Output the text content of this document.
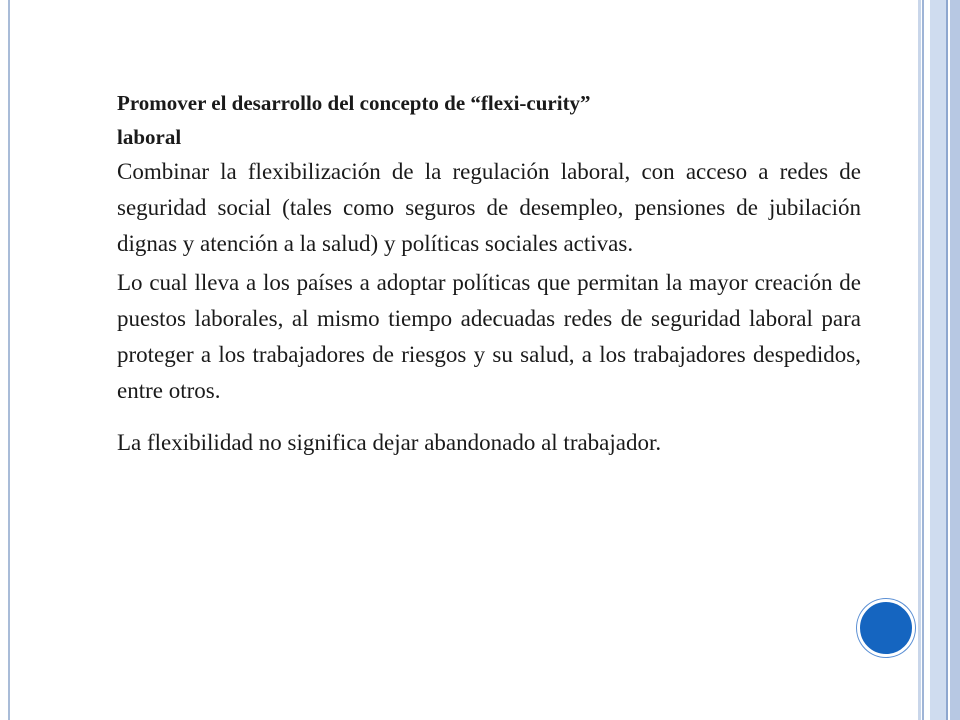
Promover el desarrollo del concepto de “flexi-curity”
laboral

Combinar la flexibilización de la regulación laboral, con acceso a redes de seguridad social (tales como seguros de desempleo, pensiones de jubilación dignas y atención a la salud) y políticas sociales activas.

Lo cual lleva a los países a adoptar políticas que permitan la mayor creación de puestos laborales, al mismo tiempo adecuadas redes de seguridad laboral para proteger a los trabajadores de riesgos y su salud, a los trabajadores despedidos, entre otros.

La flexibilidad no significa dejar abandonado al trabajador.
